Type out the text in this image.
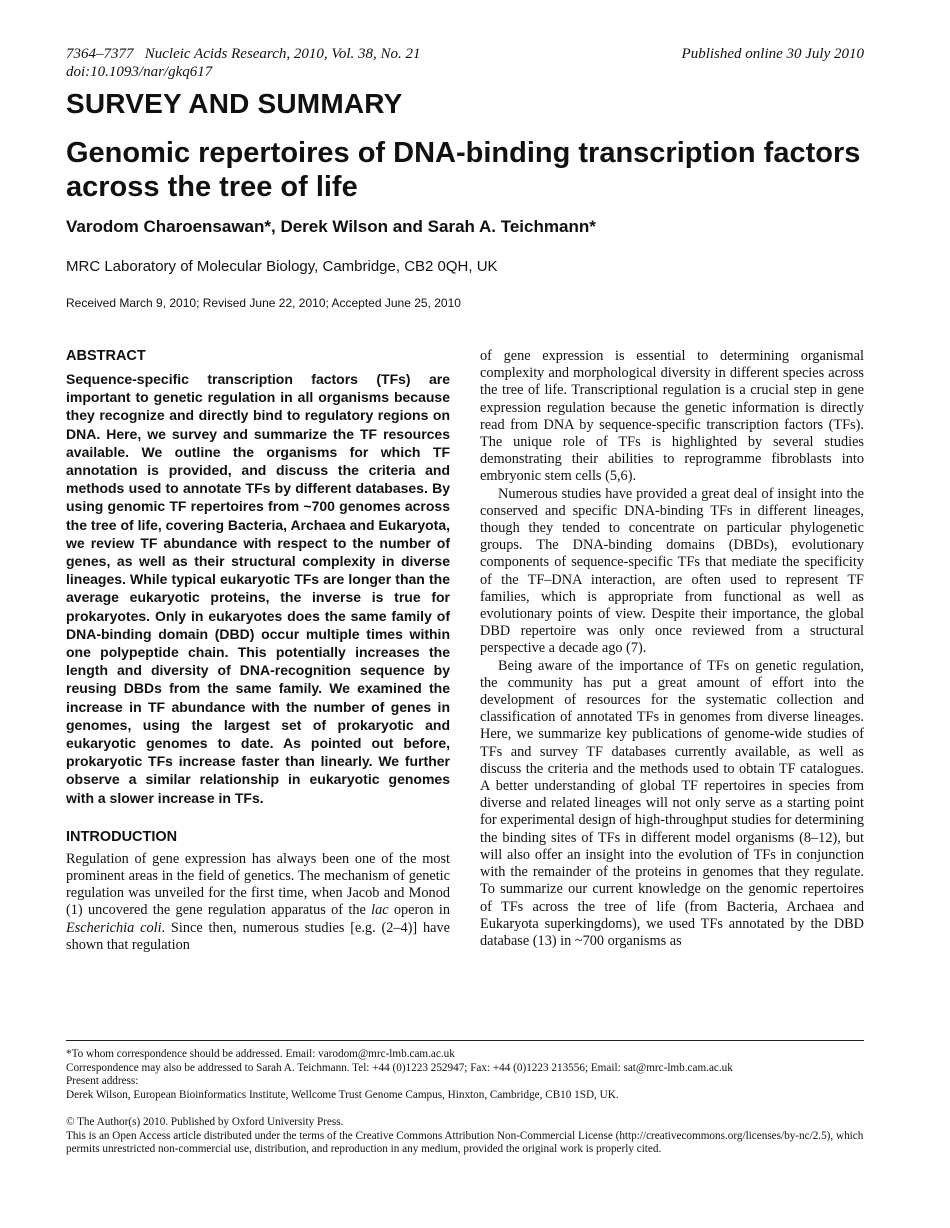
7364–7377 Nucleic Acids Research, 2010, Vol. 38, No. 21
doi:10.1093/nar/gkq617
Published online 30 July 2010
SURVEY AND SUMMARY
Genomic repertoires of DNA-binding transcription factors across the tree of life
Varodom Charoensawan*, Derek Wilson and Sarah A. Teichmann*
MRC Laboratory of Molecular Biology, Cambridge, CB2 0QH, UK
Received March 9, 2010; Revised June 22, 2010; Accepted June 25, 2010
ABSTRACT

Sequence-specific transcription factors (TFs) are important to genetic regulation in all organisms because they recognize and directly bind to regulatory regions on DNA. Here, we survey and summarize the TF resources available. We outline the organisms for which TF annotation is provided, and discuss the criteria and methods used to annotate TFs by different databases. By using genomic TF repertoires from ~700 genomes across the tree of life, covering Bacteria, Archaea and Eukaryota, we review TF abundance with respect to the number of genes, as well as their structural complexity in diverse lineages. While typical eukaryotic TFs are longer than the average eukaryotic proteins, the inverse is true for prokaryotes. Only in eukaryotes does the same family of DNA-binding domain (DBD) occur multiple times within one polypeptide chain. This potentially increases the length and diversity of DNA-recognition sequence by reusing DBDs from the same family. We examined the increase in TF abundance with the number of genes in genomes, using the largest set of prokaryotic and eukaryotic genomes to date. As pointed out before, prokaryotic TFs increase faster than linearly. We further observe a similar relationship in eukaryotic genomes with a slower increase in TFs.

INTRODUCTION

Regulation of gene expression has always been one of the most prominent areas in the field of genetics. The mechanism of genetic regulation was unveiled for the first time, when Jacob and Monod (1) uncovered the gene regulation apparatus of the lac operon in Escherichia coli. Since then, numerous studies [e.g. (2–4)] have shown that regulation

of gene expression is essential to determining organismal complexity and morphological diversity in different species across the tree of life. Transcriptional regulation is a crucial step in gene expression regulation because the genetic information is directly read from DNA by sequence-specific transcription factors (TFs). The unique role of TFs is highlighted by several studies demonstrating their abilities to reprogramme fibroblasts into embryonic stem cells (5,6).

Numerous studies have provided a great deal of insight into the conserved and specific DNA-binding TFs in different lineages, though they tended to concentrate on particular phylogenetic groups. The DNA-binding domains (DBDs), evolutionary components of sequence-specific TFs that mediate the specificity of the TF–DNA interaction, are often used to represent TF families, which is appropriate from functional as well as evolutionary points of view. Despite their importance, the global DBD repertoire was only once reviewed from a structural perspective a decade ago (7).

Being aware of the importance of TFs on genetic regulation, the community has put a great amount of effort into the development of resources for the systematic collection and classification of annotated TFs in genomes from diverse lineages. Here, we summarize key publications of genome-wide studies of TFs and survey TF databases currently available, as well as discuss the criteria and the methods used to obtain TF catalogues. A better understanding of global TF repertoires in species from diverse and related lineages will not only serve as a starting point for experimental design of high-throughput studies for determining the binding sites of TFs in different model organisms (8–12), but will also offer an insight into the evolution of TFs in conjunction with the remainder of the proteins in genomes that they regulate. To summarize our current knowledge on the genomic repertoires of TFs across the tree of life (from Bacteria, Archaea and Eukaryota superkingdoms), we used TFs annotated by the DBD database (13) in ~700 organisms as

*To whom correspondence should be addressed. Email: varodom@mrc-lmb.cam.ac.uk

Correspondence may also be addressed to Sarah A. Teichmann. Tel: +44 (0)1223 252947; Fax: +44 (0)1223 213556; Email: sat@mrc-lmb.cam.ac.uk

Present address:

Derek Wilson, European Bioinformatics Institute, Wellcome Trust Genome Campus, Hinxton, Cambridge, CB10 1SD, UK.

© The Author(s) 2010. Published by Oxford University Press.

This is an Open Access article distributed under the terms of the Creative Commons Attribution Non-Commercial License (http://creativecommons.org/licenses/by-nc/2.5), which permits unrestricted non-commercial use, distribution, and reproduction in any medium, provided the original work is properly cited.
